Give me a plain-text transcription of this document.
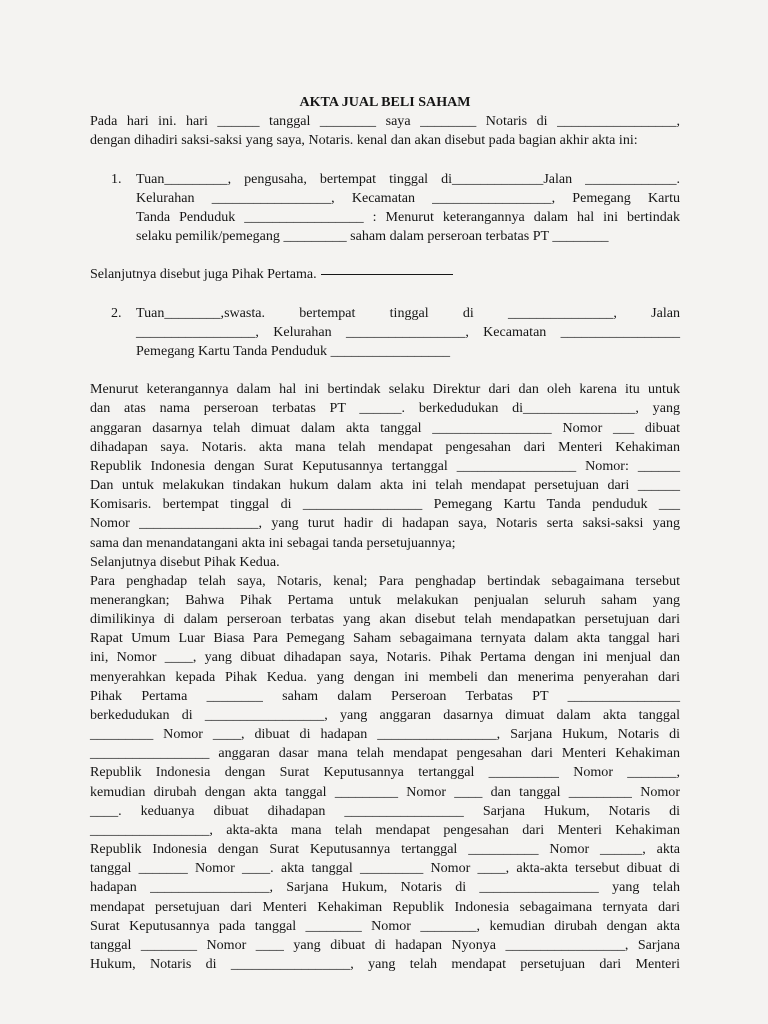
AKTA JUAL BELI SAHAM

Pada hari ini. hari ______ tanggal ________ saya ________ Notaris di _________________,

dengan dihadiri saksi-saksi yang saya, Notaris. kenal dan akan disebut pada bagian akhir akta ini:

1. Tuan_________, pengusaha, bertempat tinggal di_____________Jalan _____________.

Kelurahan _________________, Kecamatan _________________, Pemegang Kartu

Tanda Penduduk _________________ : Menurut keterangannya dalam hal ini bertindak

selaku pemilik/pemegang _________ saham dalam perseroan terbatas PT ________

Selanjutnya disebut juga Pihak Pertama.

2. Tuan________,swasta. bertempat tinggal di _______________, Jalan

_________________, Kelurahan _________________, Kecamatan _________________

Pemegang Kartu Tanda Penduduk _________________

Menurut keterangannya dalam hal ini bertindak selaku Direktur dari dan oleh karena itu untuk

dan atas nama perseroan terbatas PT ______. berkedudukan di________________, yang

anggaran dasarnya telah dimuat dalam akta tanggal _________________ Nomor ___ dibuat

dihadapan saya. Notaris. akta mana telah mendapat pengesahan dari Menteri Kehakiman

Republik Indonesia dengan Surat Keputusannya tertanggal _________________ Nomor: ______

Dan untuk melakukan tindakan hukum dalam akta ini telah mendapat persetujuan dari ______

Komisaris. bertempat tinggal di _________________ Pemegang Kartu Tanda penduduk ___

Nomor _________________, yang turut hadir di hadapan saya, Notaris serta saksi-saksi yang

sama dan menandatangani akta ini sebagai tanda persetujuannya;

Selanjutnya disebut Pihak Kedua.

Para penghadap telah saya, Notaris, kenal; Para penghadap bertindak sebagaimana tersebut

menerangkan; Bahwa Pihak Pertama untuk melakukan penjualan seluruh saham yang

dimilikinya di dalam perseroan terbatas yang akan disebut telah mendapatkan persetujuan dari

Rapat Umum Luar Biasa Para Pemegang Saham sebagaimana ternyata dalam akta tanggal hari

ini, Nomor ____, yang dibuat dihadapan saya, Notaris. Pihak Pertama dengan ini menjual dan

menyerahkan kepada Pihak Kedua. yang dengan ini membeli dan menerima penyerahan dari

Pihak Pertama ________ saham dalam Perseroan Terbatas PT ________________

berkedudukan di _________________, yang anggaran dasarnya dimuat dalam akta tanggal

_________ Nomor ____, dibuat di hadapan _________________, Sarjana Hukum, Notaris di

_________________ anggaran dasar mana telah mendapat pengesahan dari Menteri Kehakiman

Republik Indonesia dengan Surat Keputusannya tertanggal __________ Nomor _______,

kemudian dirubah dengan akta tanggal _________ Nomor ____ dan tanggal _________ Nomor

____. keduanya dibuat dihadapan _________________ Sarjana Hukum, Notaris di

_________________, akta-akta mana telah mendapat pengesahan dari Menteri Kehakiman

Republik Indonesia dengan Surat Keputusannya tertanggal __________ Nomor ______, akta

tanggal _______ Nomor ____. akta tanggal _________ Nomor ____, akta-akta tersebut dibuat di

hadapan _________________, Sarjana Hukum, Notaris di _________________ yang telah

mendapat persetujuan dari Menteri Kehakiman Republik Indonesia sebagaimana ternyata dari

Surat Keputusannya pada tanggal ________ Nomor ________, kemudian dirubah dengan akta

tanggal ________ Nomor ____ yang dibuat di hadapan Nyonya _________________, Sarjana

Hukum, Notaris di _________________, yang telah mendapat persetujuan dari Menteri
